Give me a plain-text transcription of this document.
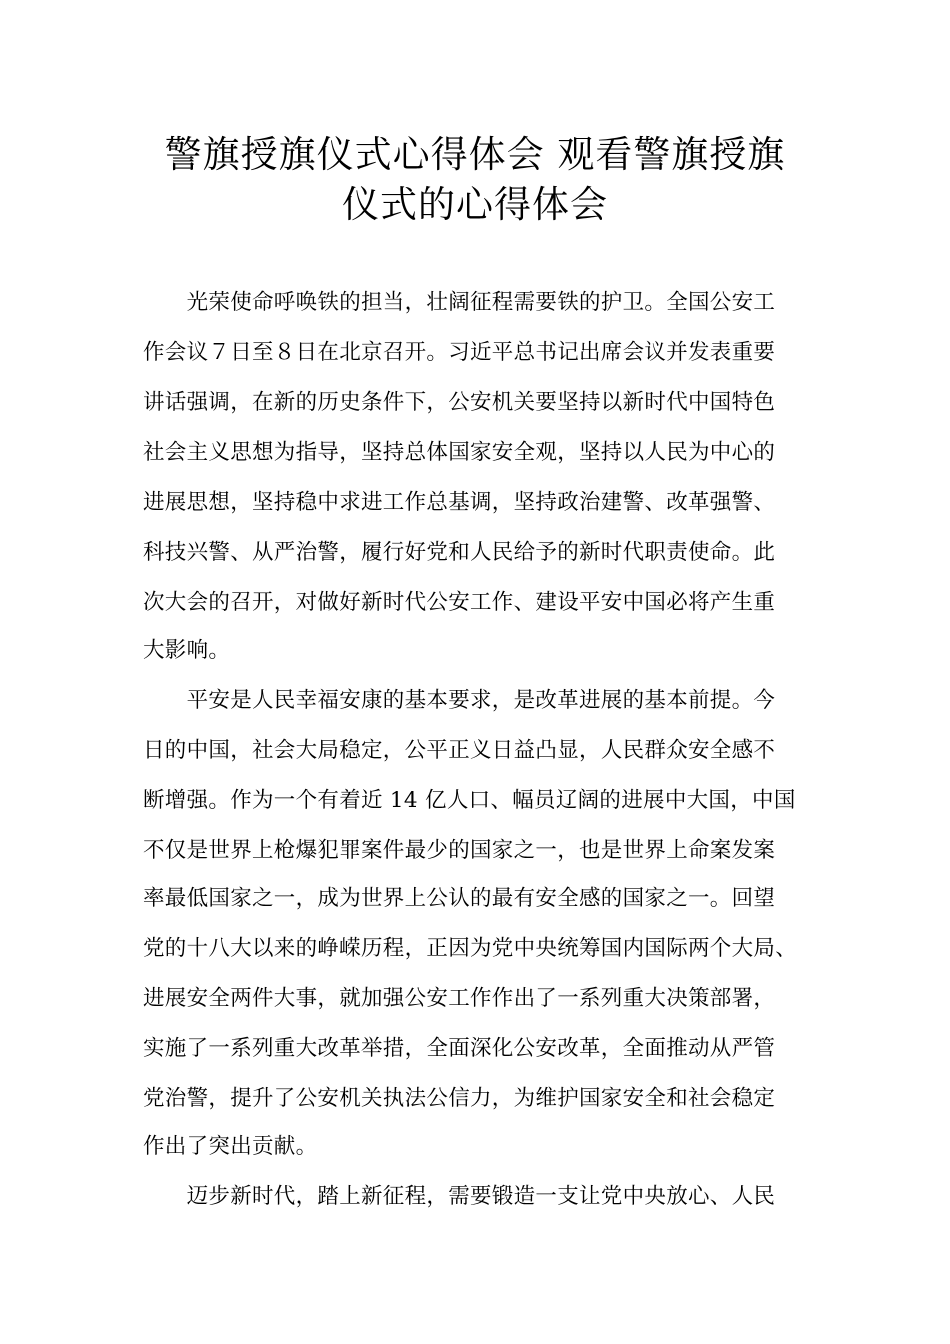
警旗授旗仪式心得体会 观看警旗授旗
仪式的心得体会

　　光荣使命呼唤铁的担当，壮阔征程需要铁的护卫。全国公安工

作会议７日至８日在北京召开。习近平总书记出席会议并发表重要

讲话强调，在新的历史条件下，公安机关要坚持以新时代中国特色

社会主义思想为指导，坚持总体国家安全观，坚持以人民为中心的

进展思想，坚持稳中求进工作总基调，坚持政治建警、改革强警、

科技兴警、从严治警，履行好党和人民给予的新时代职责使命。此

次大会的召开，对做好新时代公安工作、建设平安中国必将产生重

大影响。

　　平安是人民幸福安康的基本要求，是改革进展的基本前提。今

日的中国，社会大局稳定，公平正义日益凸显，人民群众安全感不

断增强。作为一个有着近 14 亿人口、幅员辽阔的进展中大国，中国

不仅是世界上枪爆犯罪案件最少的国家之一，也是世界上命案发案

率最低国家之一，成为世界上公认的最有安全感的国家之一。回望

党的十八大以来的峥嵘历程，正因为党中央统筹国内国际两个大局、

进展安全两件大事，就加强公安工作作出了一系列重大决策部署，

实施了一系列重大改革举措，全面深化公安改革，全面推动从严管

党治警，提升了公安机关执法公信力，为维护国家安全和社会稳定

作出了突出贡献。

　　迈步新时代，踏上新征程，需要锻造一支让党中央放心、人民
